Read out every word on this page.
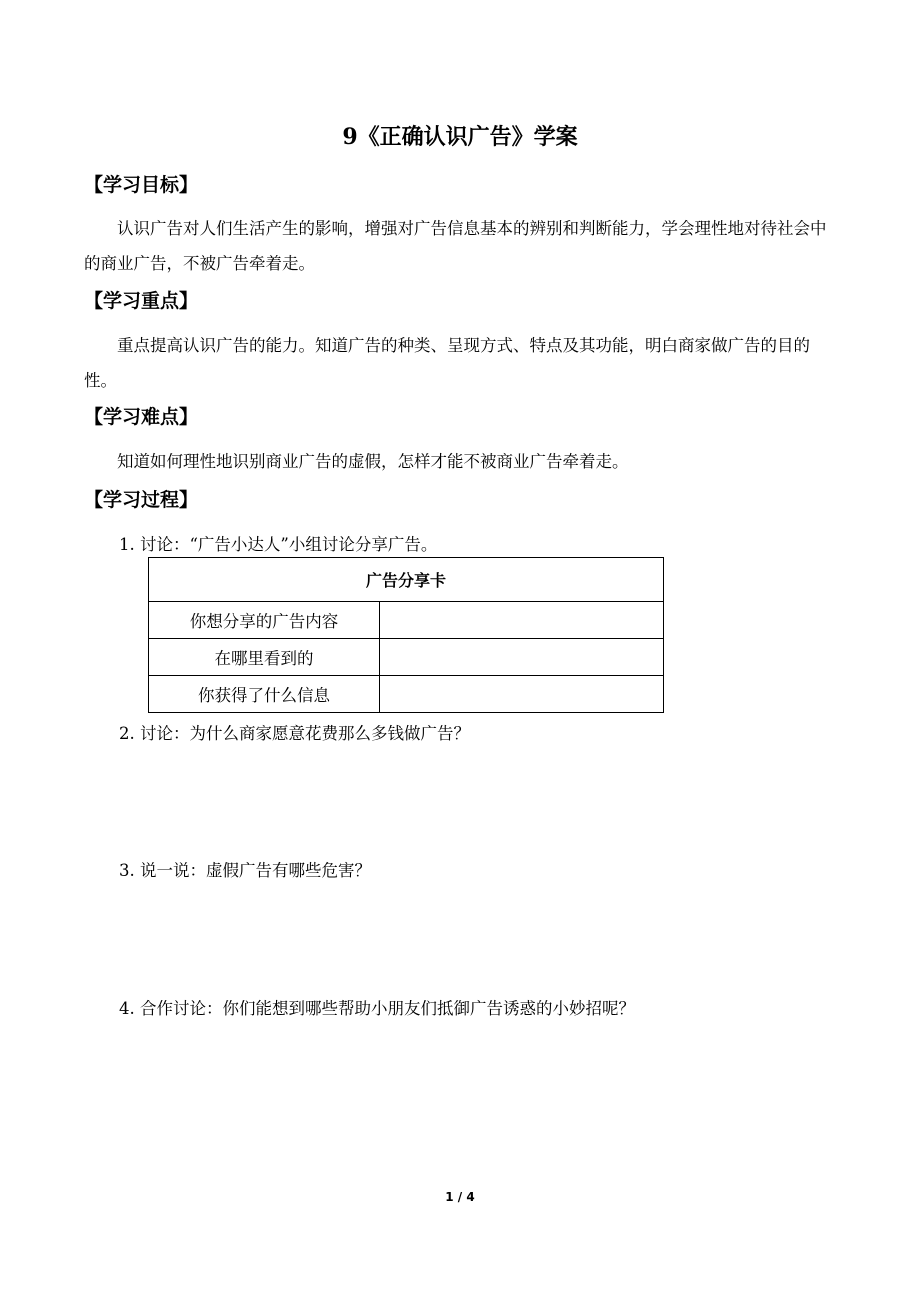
9《正确认识广告》学案
【学习目标】

认识广告对人们生活产生的影响，增强对广告信息基本的辨别和判断能力，学会理性地对待社会中的商业广告，不被广告牵着走。

【学习重点】

重点提高认识广告的能力。知道广告的种类、呈现方式、特点及其功能，明白商家做广告的目的性。

【学习难点】

知道如何理性地识别商业广告的虚假，怎样才能不被商业广告牵着走。

【学习过程】

1. 讨论：“广告小达人”小组讨论分享广告。

广告分享卡	
你想分享的广告内容	
在哪里看到的	
你获得了什么信息	

2. 讨论：为什么商家愿意花费那么多钱做广告？

3. 说一说：虚假广告有哪些危害？

4. 合作讨论：你们能想到哪些帮助小朋友们抵御广告诱惑的小妙招呢？

1 / 4
